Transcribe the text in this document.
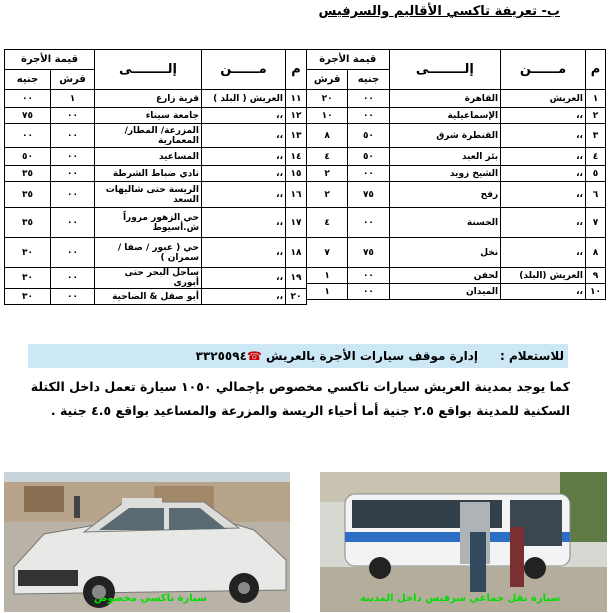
ب- تعريفة تاكسي الأقاليم والسرفيس
م	مــــــن	إلــــــــى	قيمة الأجرة	
			جنيه	قرش
١	العريش	القاهرة	٠٠	٢٠
٢	،،	الإسماعيلية	٠٠	١٠
٣	،،	القنطرة شرق	٥٠	٨
٤	،،	بئر العبد	٥٠	٤
٥	،،	الشيخ زويد	٠٠	٢
٦	،،	رفح	٧٥	٢
٧	،،	الحسنة	٠٠	٤
٨	،،	نخل	٧٥	٧
٩	العريش (البلد)	لحفن	٠٠	١
١٠	،،	الميدان	٠٠	١
م	مــــــن	إلــــــــى	قيمة الأجرة	
			قرش	جنيه
١١	العريش ( البلد )	قرية زارع	١	٠٠
١٢	،،	جامعة سيناء	٠٠	٧٥
١٣	،،	المزرعة/ المطار/ المعمارية	٠٠	٠٠
١٤	،،	المساعيد	٠٠	٥٠
١٥	،،	نادي ضباط الشرطة	٠٠	٣٥
١٦	،،	الريسة حتى شاليهات السعد	٠٠	٣٥
١٧	،،	حي الزهور مروراً ش.أسيوط	٠٠	٣٥
١٨	،،	حي ( عبور / صفا / سمران )	٠٠	٣٠
١٩	،،	ساحل البحر حتى أبورى	٠٠	٣٠
٢٠	،،	أبو صقل & الضاحية	٠٠	٣٠
للاستعلام :
إدارة موقف سيارات الأجرة بالعريش ☎٣٣٢٥٥٩٤
كما يوجد بمدينة العريش سيارات تاكسي مخصوص بإجمالي ١٠٥٠ سيارة تعمل داخل الكتلة السكنية للمدينة بواقع ٢.٥ جنية أما أحياء الريسة والمزرعة والمساعيد بواقع ٤.٥ جنية .
سيارة تاكسي مخصوص	سيارة نقل جماعي سرفيس داخل المدينة
